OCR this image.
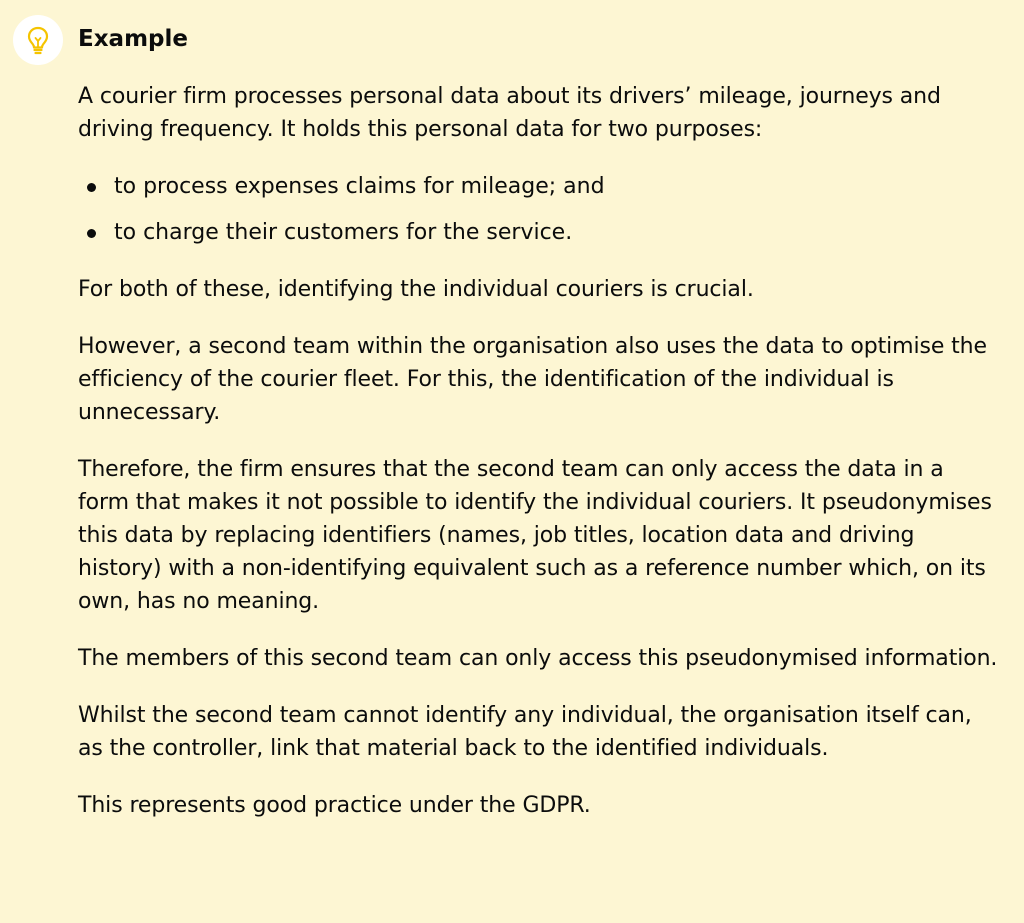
Example

A courier firm processes personal data about its drivers’ mileage, journeys and driving frequency. It holds this personal data for two purposes:

to process expenses claims for mileage; and
to charge their customers for the service.

For both of these, identifying the individual couriers is crucial.

However, a second team within the organisation also uses the data to optimise the efficiency of the courier fleet. For this, the identification of the individual is unnecessary.

Therefore, the firm ensures that the second team can only access the data in a form that makes it not possible to identify the individual couriers. It pseudonymises this data by replacing identifiers (names, job titles, location data and driving history) with a non-identifying equivalent such as a reference number which, on its own, has no meaning.

The members of this second team can only access this pseudonymised information.

Whilst the second team cannot identify any individual, the organisation itself can, as the controller, link that material back to the identified individuals.

This represents good practice under the GDPR.
